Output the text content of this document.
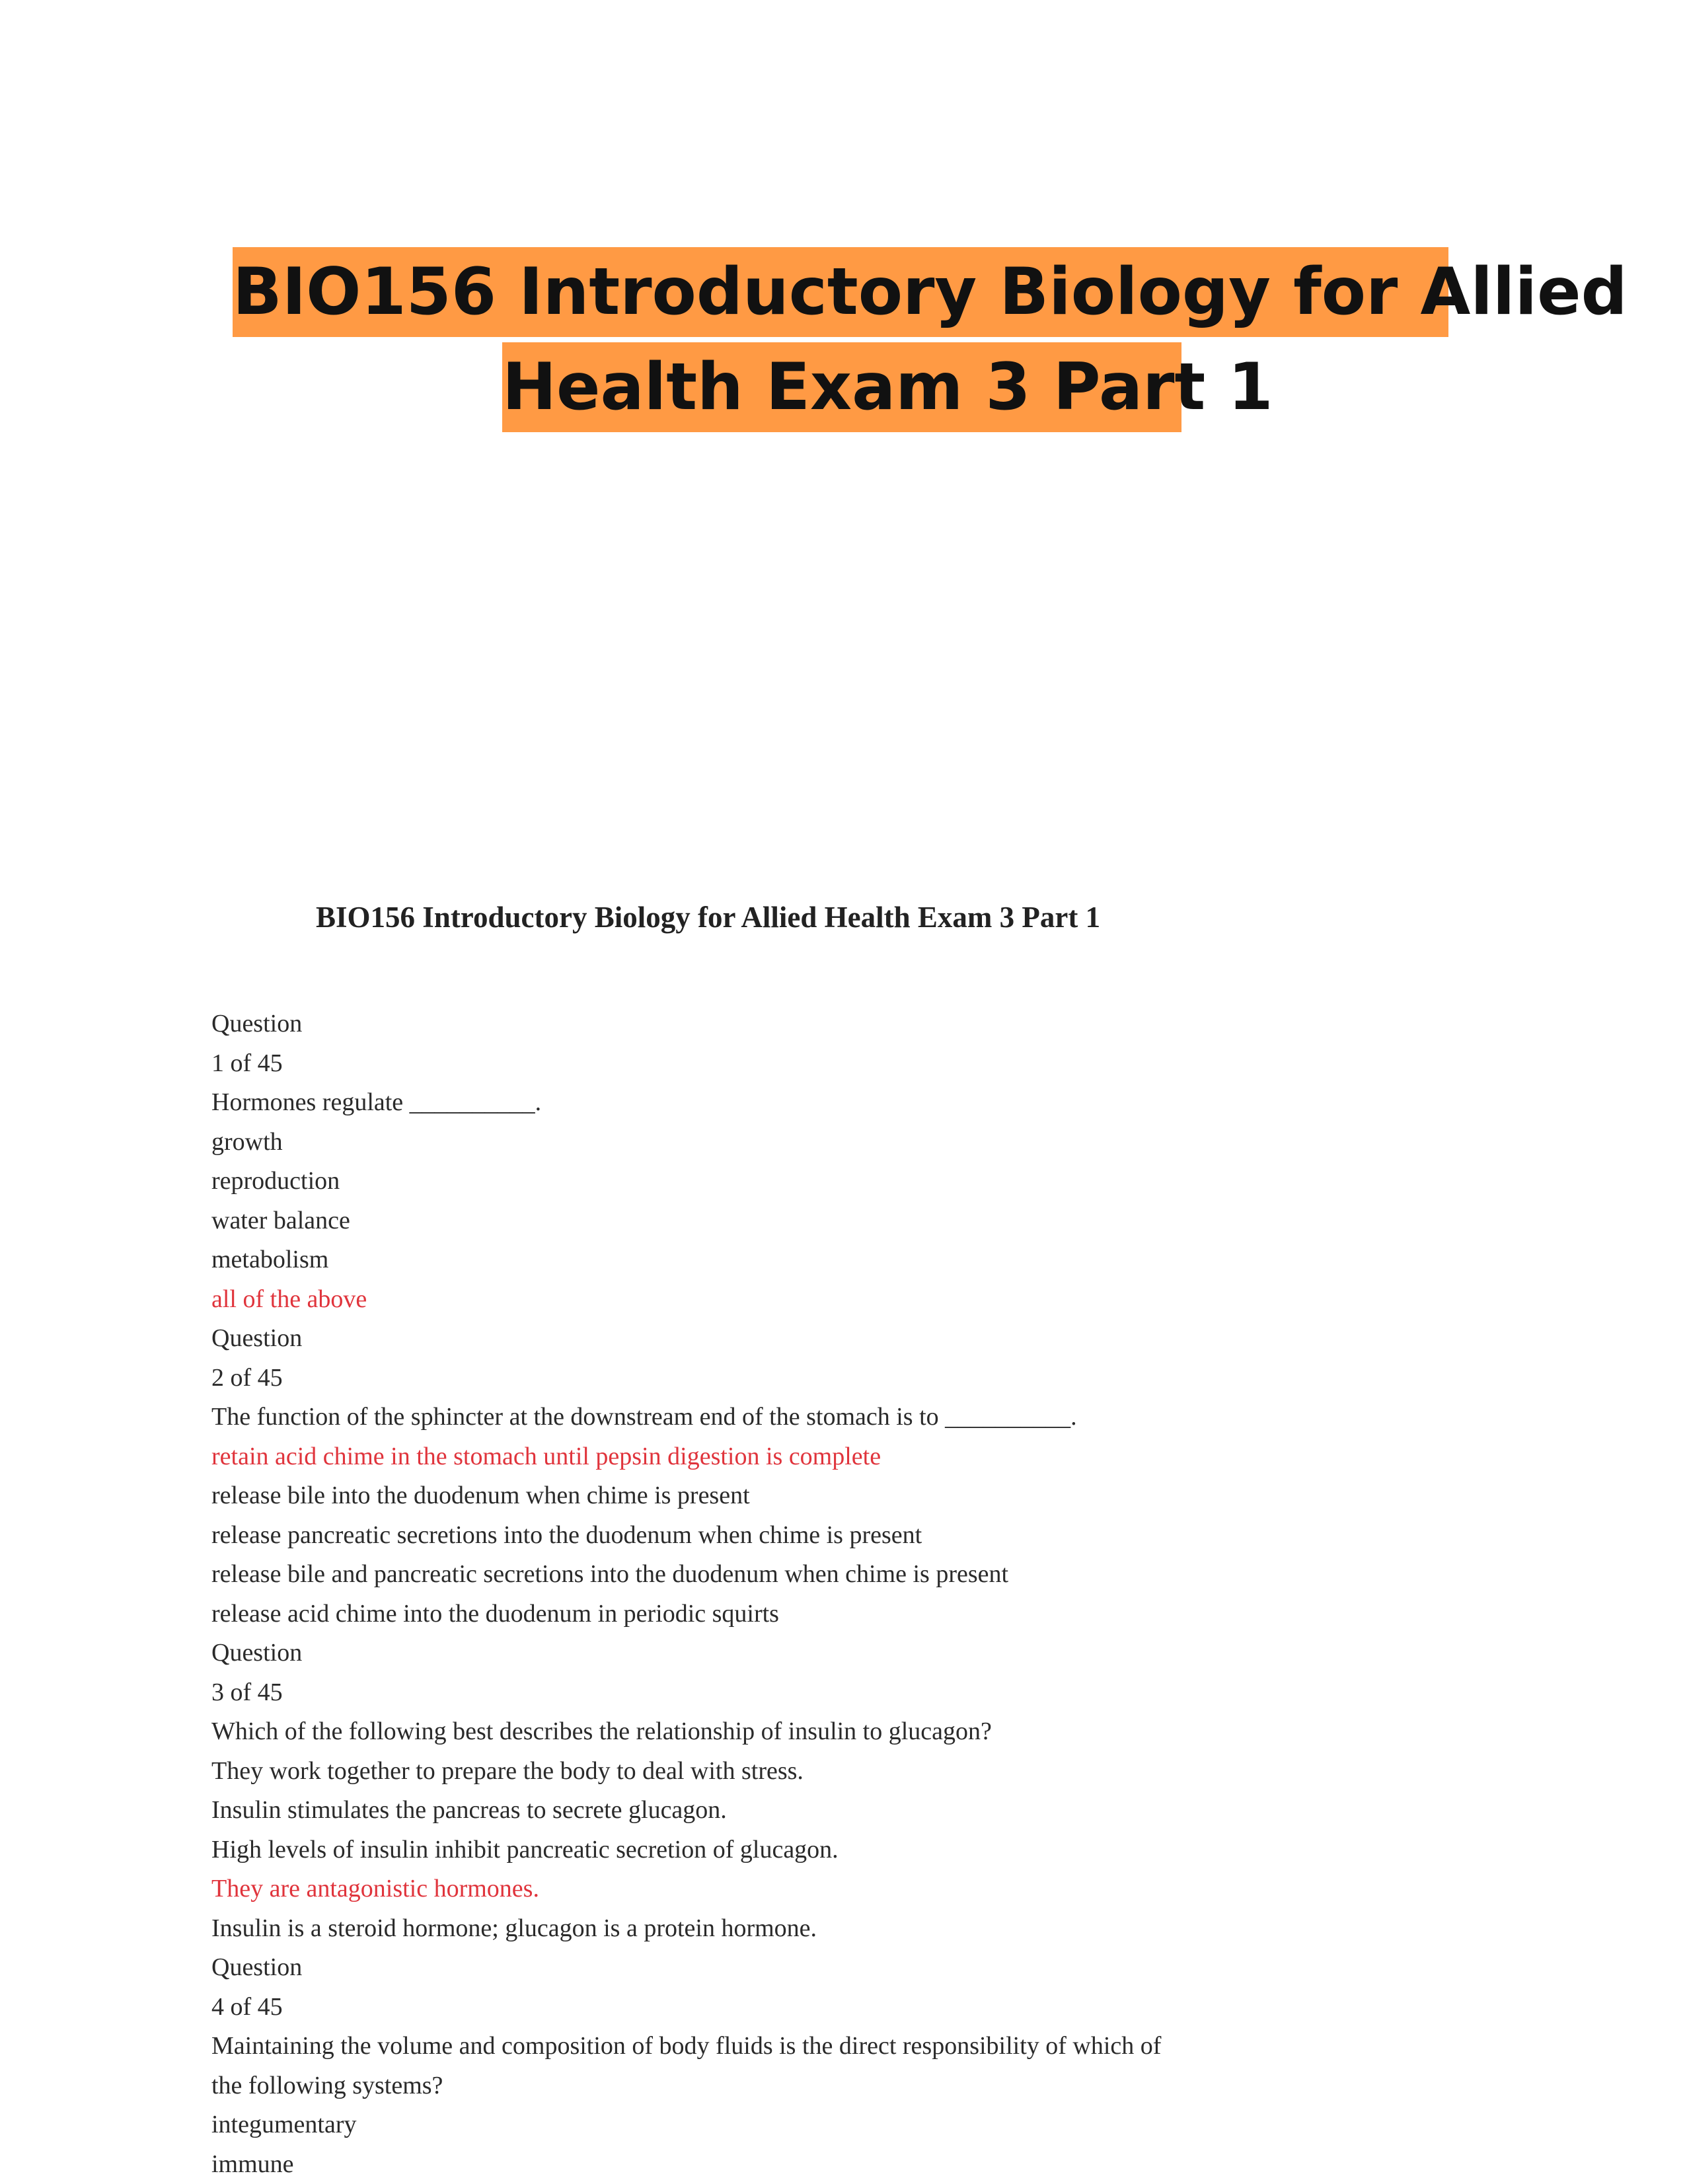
BIO156 Introductory Biology for Allied
Health Exam 3 Part 1
BIO156 Introductory Biology for Allied Health Exam 3 Part 1
Question
1 of 45
Hormones regulate __________.
growth
reproduction
water balance
metabolism
all of the above
Question
2 of 45
The function of the sphincter at the downstream end of the stomach is to __________.
retain acid chime in the stomach until pepsin digestion is complete
release bile into the duodenum when chime is present
release pancreatic secretions into the duodenum when chime is present
release bile and pancreatic secretions into the duodenum when chime is present
release acid chime into the duodenum in periodic squirts
Question
3 of 45
Which of the following best describes the relationship of insulin to glucagon?
They work together to prepare the body to deal with stress.
Insulin stimulates the pancreas to secrete glucagon.
High levels of insulin inhibit pancreatic secretion of glucagon.
They are antagonistic hormones.
Insulin is a steroid hormone; glucagon is a protein hormone.
Question
4 of 45
Maintaining the volume and composition of body fluids is the direct responsibility of which of
the following systems?
integumentary
immune
